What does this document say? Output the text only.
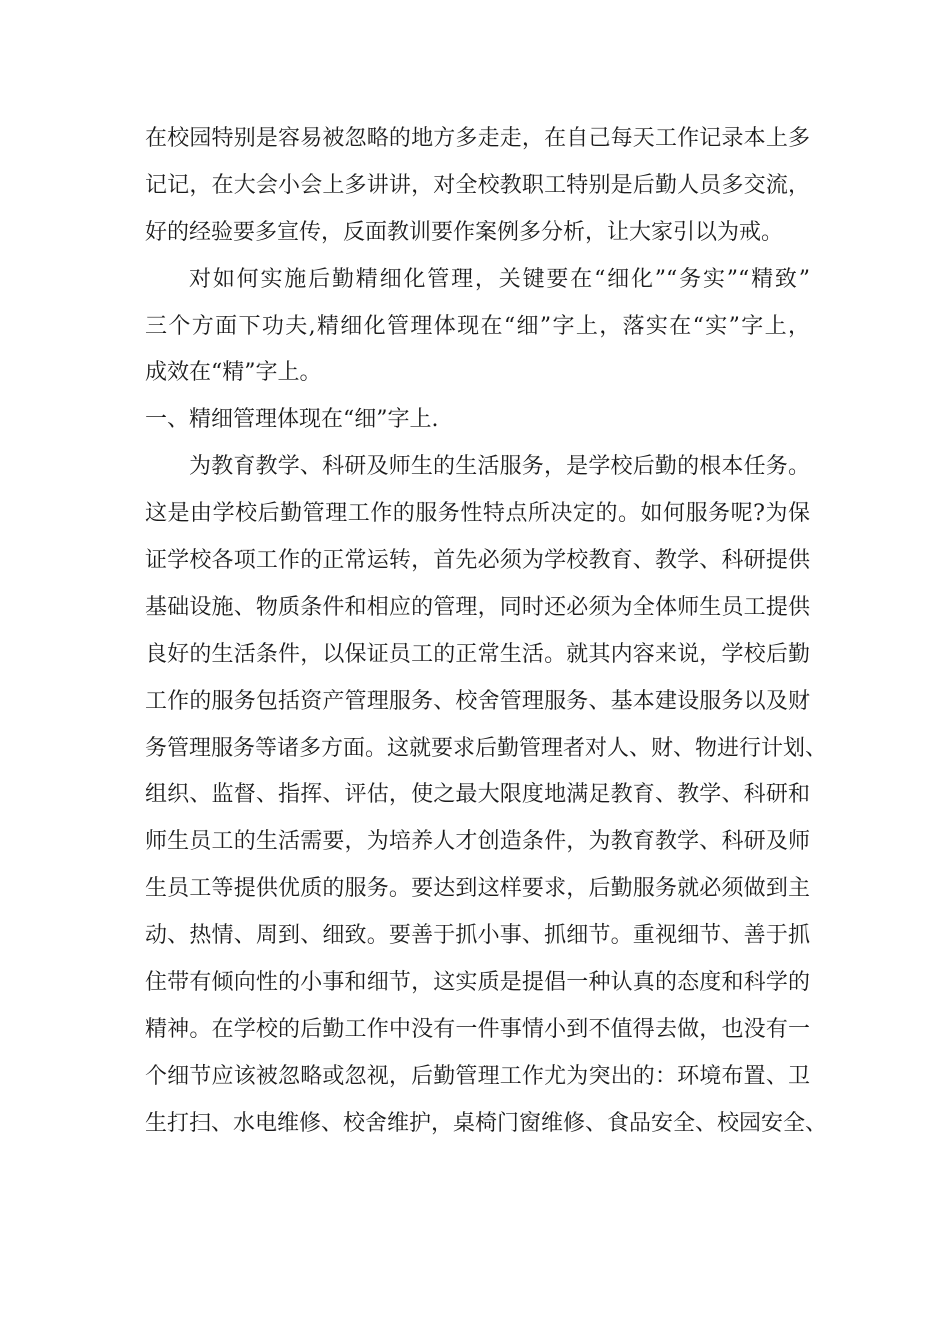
在校园特别是容易被忽略的地方多走走，在自己每天工作记录本上多
记记，在大会小会上多讲讲，对全校教职工特别是后勤人员多交流，
好的经验要多宣传，反面教训要作案例多分析，让大家引以为戒。
对如何实施后勤精细化管理，关键要在“细化”“务实”“精致”
三个方面下功夫,精细化管理体现在“细”字上，落实在“实”字上，
成效在“精”字上。
一、精细管理体现在“细”字上.
为教育教学、科研及师生的生活服务，是学校后勤的根本任务。
这是由学校后勤管理工作的服务性特点所决定的。如何服务呢?为保
证学校各项工作的正常运转，首先必须为学校教育、教学、科研提供
基础设施、物质条件和相应的管理，同时还必须为全体师生员工提供
良好的生活条件，以保证员工的正常生活。就其内容来说，学校后勤
工作的服务包括资产管理服务、校舍管理服务、基本建设服务以及财
务管理服务等诸多方面。这就要求后勤管理者对人、财、物进行计划、
组织、监督、指挥、评估，使之最大限度地满足教育、教学、科研和
师生员工的生活需要，为培养人才创造条件，为教育教学、科研及师
生员工等提供优质的服务。要达到这样要求，后勤服务就必须做到主
动、热情、周到、细致。要善于抓小事、抓细节。重视细节、善于抓
住带有倾向性的小事和细节，这实质是提倡一种认真的态度和科学的
精神。在学校的后勤工作中没有一件事情小到不值得去做，也没有一
个细节应该被忽略或忽视，后勤管理工作尤为突出的：环境布置、卫
生打扫、水电维修、校舍维护，桌椅门窗维修、食品安全、校园安全、
